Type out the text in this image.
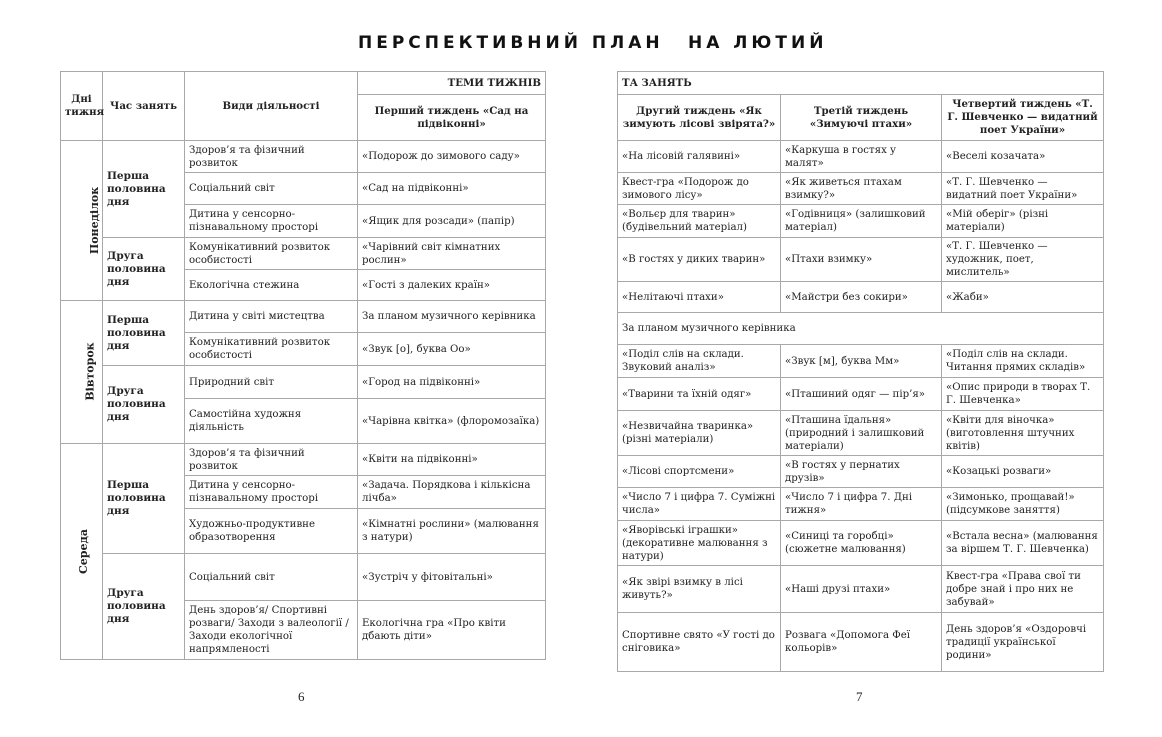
ПЕРСПЕКТИВНИЙ ПЛАН НА ЛЮТИЙ
Дні тижня	Час занять	Види діяльності	ТЕМИ ТИЖНІВ
			Перший тиждень «Сад на підвіконні»
Понеділок	Перша половина дня	Здоров’я та фізичний розвиток	«Подорож до зимового саду»
		Соціальний світ	«Сад на підвіконні»
		Дитина у сенсорно-пізнавальному просторі	«Ящик для розсади» (папір)
	Друга половина дня	Комунікативний розвиток особистості	«Чарівний світ кімнатних рослин»
		Екологічна стежина	«Гості з далеких країн»
Вівторок	Перша половина дня	Дитина у світі мистецтва	За планом музичного керівника
		Комунікативний розвиток особистості	«Звук [о], буква Оо»
	Друга половина дня	Природний світ	«Город на підвіконні»
		Самостійна художня діяльність	«Чарівна квітка» (флоромозаїка)
Середа	Перша половина дня	Здоров’я та фізичний розвиток	«Квіти на підвіконні»
		Дитина у сенсорно-пізнавальному просторі	«Задача. Порядкова і кількісна лічба»
		Художньо-продуктивне образотворення	«Кімнатні рослини» (малювання з натури)
	Друга половина дня	Соціальний світ	«Зустріч у фітовітальні»
		День здоров’я/ Спортивні розваги/ Заходи з валеології /Заходи екологічної напрямленості	Екологічна гра «Про квіти дбають діти»
ТА ЗАНЯТЬ		
Другий тиждень «Як зимують лісові звірята?»	Третій тиждень «Зимуючі птахи»	Четвертий тиждень «Т. Г. Шевченко — видатний поет України»
«На лісовій галявині»	«Каркуша в гостях у малят»	«Веселі козачата»
Квест-гра «Подорож до зимового лісу»	«Як живеться птахам взимку?»	«Т. Г. Шевченко — видатний поет України»
«Вольєр для тварин» (будівельний матеріал)	«Годівниця» (залишковий матеріал)	«Мій оберіг» (різні матеріали)
«В гостях у диких тварин»	«Птахи взимку»	«Т. Г. Шевченко — художник, поет, мислитель»
«Нелітаючі птахи»	«Майстри без сокири»	«Жаби»
За планом музичного керівника		
«Поділ слів на склади. Звуковий аналіз»	«Звук [м], буква Мм»	«Поділ слів на склади. Читання прямих складів»
«Тварини та їхній одяг»	«Пташиний одяг — пір’я»	«Опис природи в творах Т. Г. Шевченка»
«Незвичайна тваринка» (різні матеріали)	«Пташина їдальня» (природний і залишковий матеріали)	«Квіти для віночка» (виготовлення штучних квітів)
«Лісові спортсмени»	«В гостях у пернатих друзів»	«Козацькі розваги»
«Число 7 і цифра 7. Суміжні числа»	«Число 7 і цифра 7. Дні тижня»	«Зимонько, прощавай!» (підсумкове заняття)
«Яворівські іграшки» (декоративне малювання з натури)	«Синиці та горобці» (сюжетне малювання)	«Встала весна» (малювання за віршем Т. Г. Шевченка)
«Як звірі взимку в лісі живуть?»	«Наші друзі птахи»	Квест-гра «Права свої ти добре знай і про них не забувай»
Спортивне свято «У гості до сніговика»	Розвага «Допомога Феї кольорів»	День здоров’я «Оздоровчі традиції української родини»
6	7
